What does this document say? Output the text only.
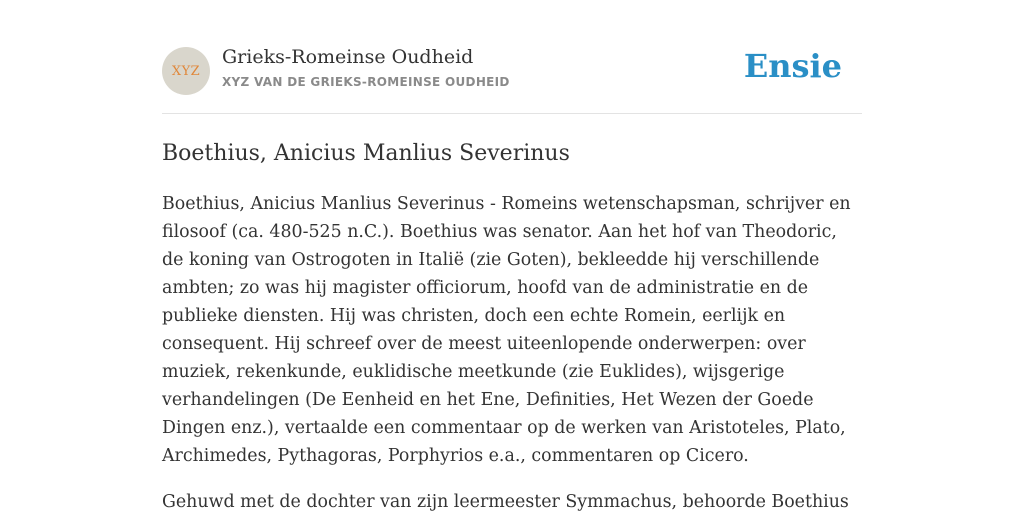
XYZ
Grieks-Romeinse Oudheid
XYZ VAN DE GRIEKS-ROMEINSE OUDHEID	Ensie
Boethius, Anicius Manlius Severinus

Boethius, Anicius Manlius Severinus - Romeins wetenschapsman, schrijver en filosoof (ca. 480-525 n.C.). Boethius was senator. Aan het hof van Theodoric, de koning van Ostrogoten in Italië (zie Goten), bekleedde hij verschillende ambten; zo was hij magister officiorum, hoofd van de administratie en de publieke diensten. Hij was christen, doch een echte Romein, eerlijk en consequent. Hij schreef over de meest uiteenlopende onderwerpen: over muziek, rekenkunde, euklidische meetkunde (zie Euklides), wijsgerige verhandelingen (De Eenheid en het Ene, Definities, Het Wezen der Goede Dingen enz.), vertaalde een commentaar op de werken van Aristoteles, Plato, Archimedes, Pythagoras, Porphyrios e.a., commentaren op Cicero.

Gehuwd met de dochter van zijn leermeester Symmachus, behoorde Boethius
